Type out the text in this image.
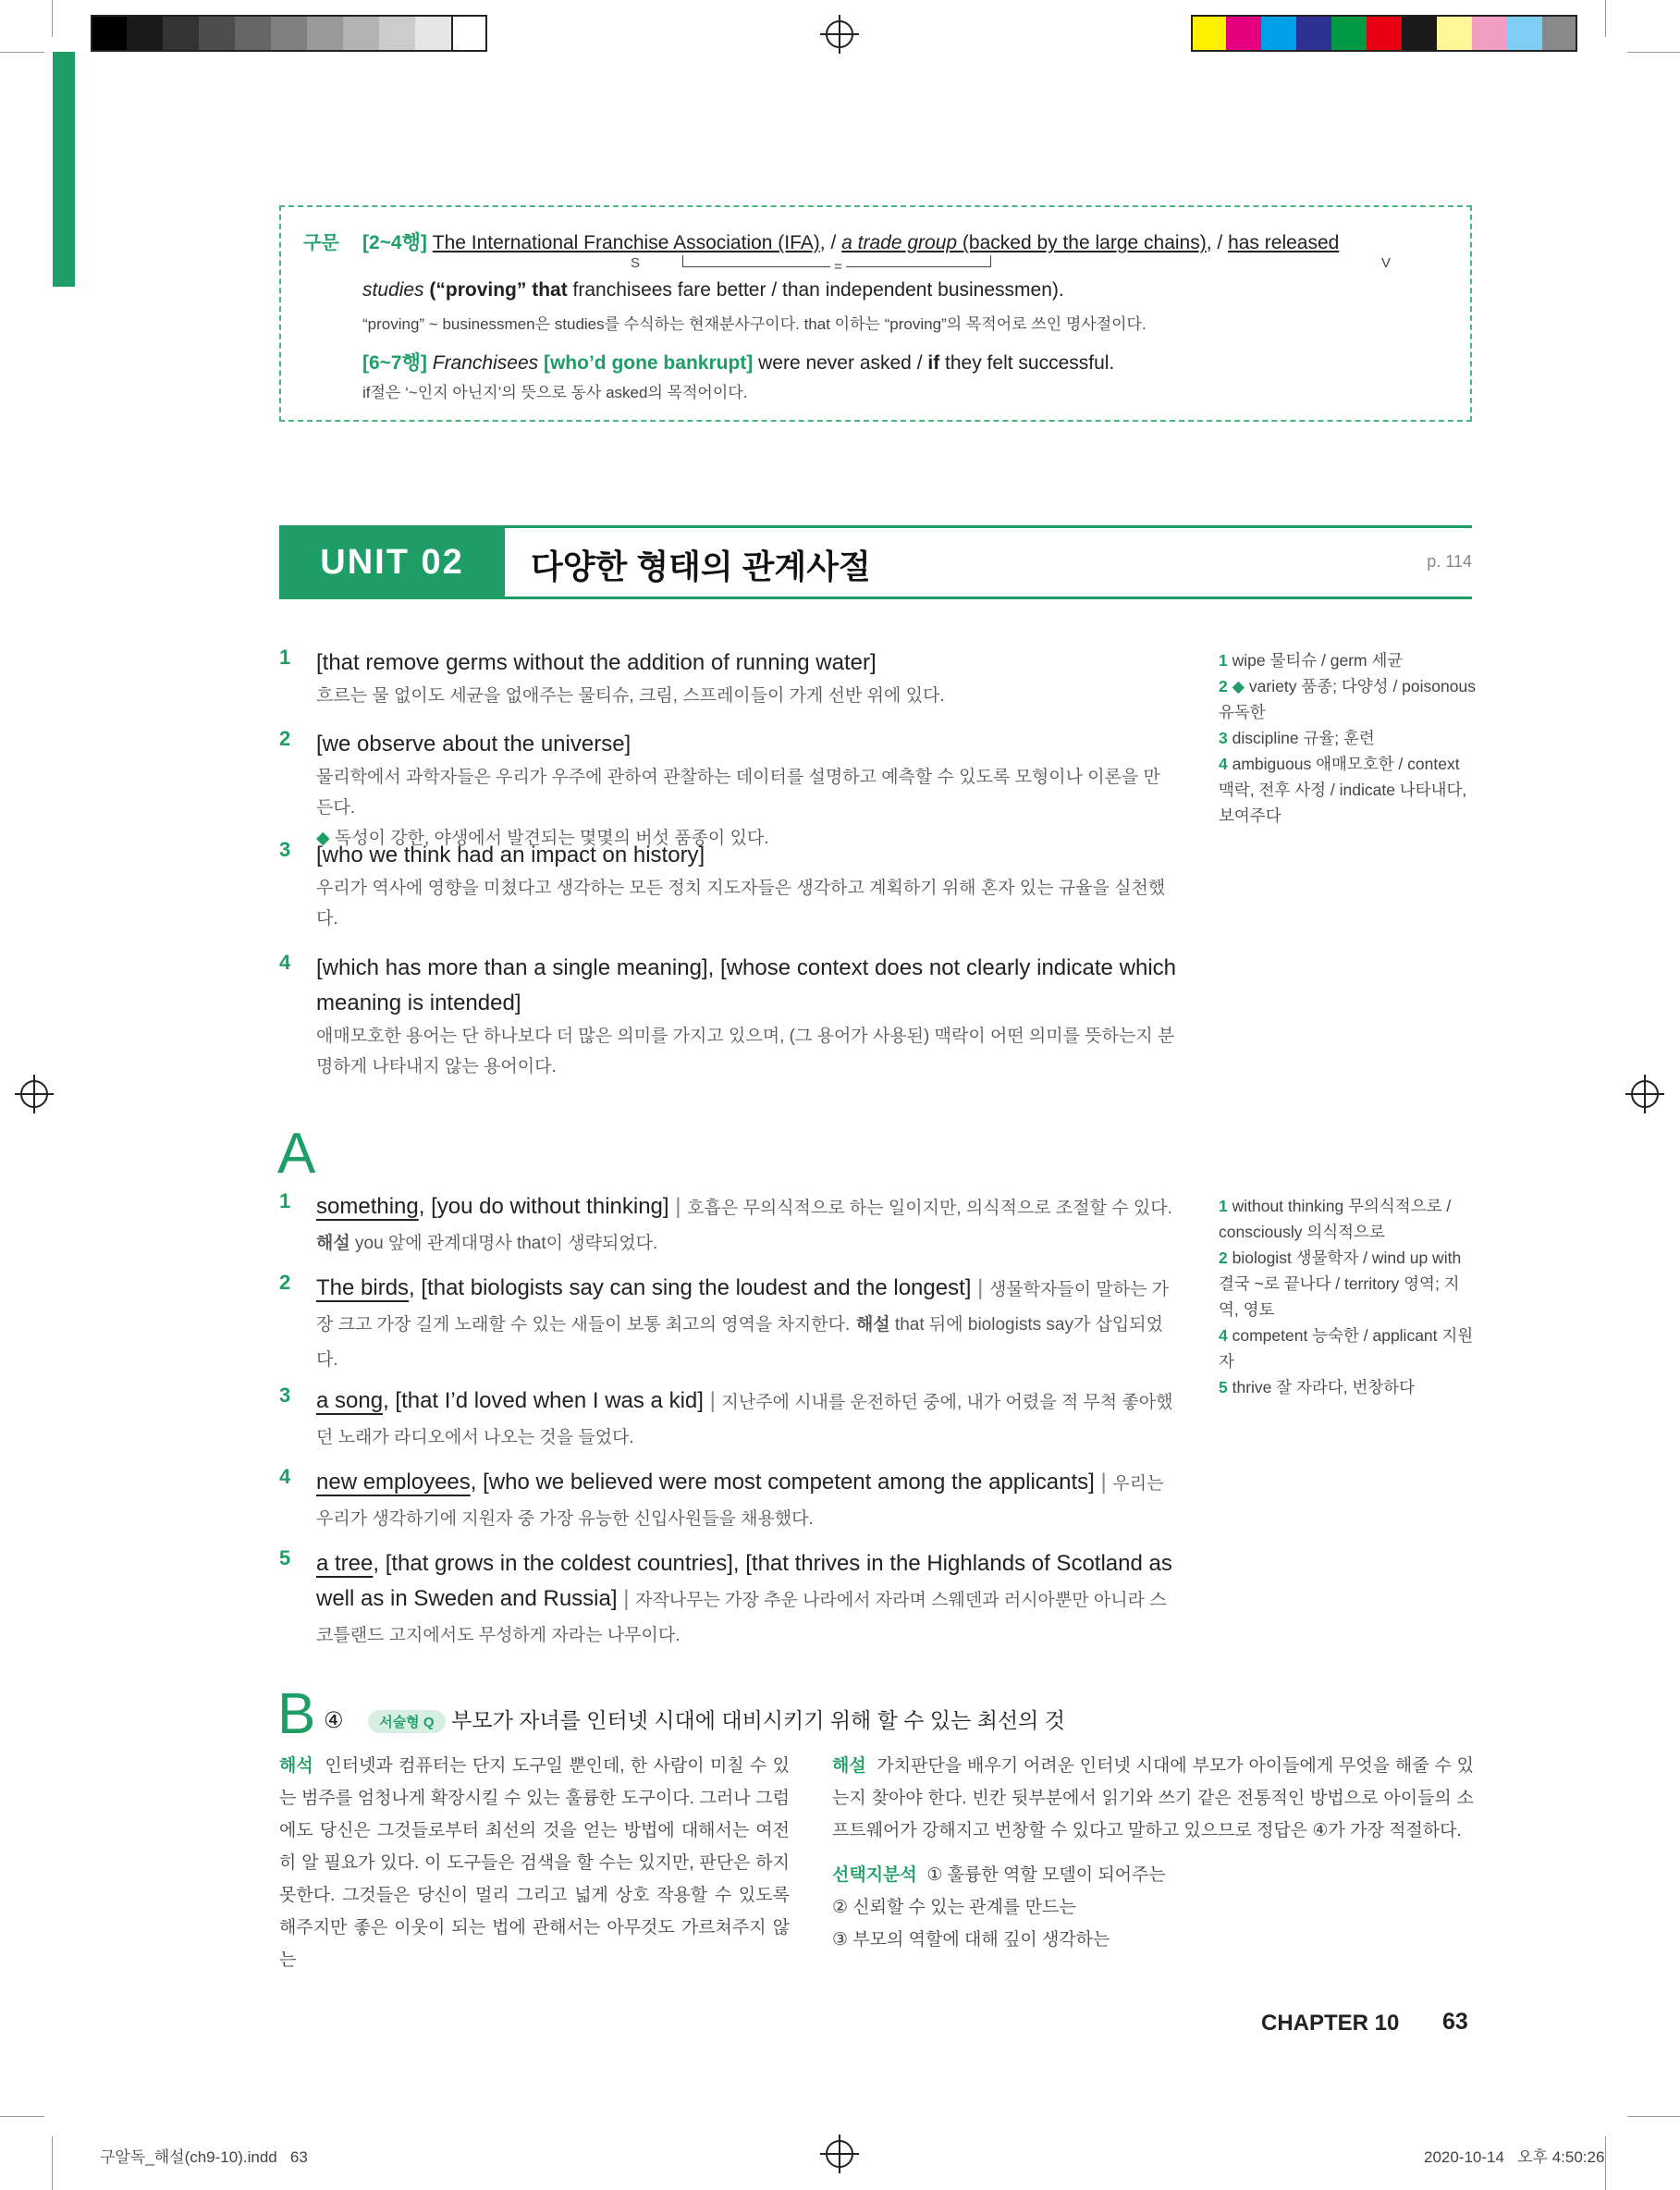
구문 [2~4행] The International Franchise Association (IFA), / a trade group (backed by the large chains), / has released
S	=	V
studies (“proving” that franchisees fare better / than independent businessmen).
“proving” ~ businessmen은 studies를 수식하는 현재분사구이다. that 이하는 “proving”의 목적어로 쓰인 명사절이다.
[6~7행] Franchisees [who’d gone bankrupt] were never asked / if they felt successful.
if절은 ‘~인지 아닌지’의 뜻으로 동사 asked의 목적어이다.
UNIT 02	다양한 형태의 관계사절	p. 114
1 [that remove germs without the addition of running water]
흐르는 물 없이도 세균을 없애주는 물티슈, 크림, 스프레이들이 가게 선반 위에 있다.
2 [we observe about the universe]
물리학에서 과학자들은 우리가 우주에 관하여 관찰하는 데이터를 설명하고 예측할 수 있도록 모형이나 이론을 만든다.
◆ 독성이 강한, 야생에서 발견되는 몇몇의 버섯 품종이 있다.
3 [who we think had an impact on history]
우리가 역사에 영향을 미쳤다고 생각하는 모든 정치 지도자들은 생각하고 계획하기 위해 혼자 있는 규율을 실천했다.
4 [which has more than a single meaning], [whose context does not clearly indicate which meaning is intended]
애매모호한 용어는 단 하나보다 더 많은 의미를 가지고 있으며, (그 용어가 사용된) 맥락이 어떤 의미를 뜻하는지 분명하게 나타내지 않는 용어이다.
1 wipe 물티슈 / germ 세균
2 ◆ variety 품종; 다양성 / poisonous 유독한
3 discipline 규율; 훈련
4 ambiguous 애매모호한 / context 맥락, 전후 사정 / indicate 나타내다, 보여주다
A
1 something, [you do without thinking] | 호흡은 무의식적으로 하는 일이지만, 의식적으로 조절할 수 있다. 해설 you 앞에 관계대명사 that이 생략되었다.
2 The birds, [that biologists say can sing the loudest and the longest] | 생물학자들이 말하는 가장 크고 가장 길게 노래할 수 있는 새들이 보통 최고의 영역을 차지한다. 해설 that 뒤에 biologists say가 삽입되었다.
3 a song, [that I’d loved when I was a kid] | 지난주에 시내를 운전하던 중에, 내가 어렸을 적 무척 좋아했던 노래가 라디오에서 나오는 것을 들었다.
4 new employees, [who we believed were most competent among the applicants] | 우리는 우리가 생각하기에 지원자 중 가장 유능한 신입사원들을 채용했다.
5 a tree, [that grows in the coldest countries], [that thrives in the Highlands of Scotland as well as in Sweden and Russia] | 자작나무는 가장 추운 나라에서 자라며 스웨덴과 러시아뿐만 아니라 스코틀랜드 고지에서도 무성하게 자라는 나무이다.
1 without thinking 무의식적으로 / consciously 의식적으로
2 biologist 생물학자 / wind up with 결국 ~로 끝나다 / territory 영역; 지역, 영토
4 competent 능숙한 / applicant 지원자
5 thrive 잘 자라다, 번창하다
B ④	서술형 Q 부모가 자녀를 인터넷 시대에 대비시키기 위해 할 수 있는 최선의 것
해석 인터넷과 컴퓨터는 단지 도구일 뿐인데, 한 사람이 미칠 수 있는 범주를 엄청나게 확장시킬 수 있는 훌륭한 도구이다. 그러나 그럼에도 당신은 그것들로부터 최선의 것을 얻는 방법에 대해서는 여전히 알 필요가 있다. 이 도구들은 검색을 할 수는 있지만, 판단은 하지 못한다. 그것들은 당신이 멀리 그리고 넓게 상호 작용할 수 있도록 해주지만 좋은 이웃이 되는 법에 관해서는 아무것도 가르쳐주지 않는
해설 가치판단을 배우기 어려운 인터넷 시대에 부모가 아이들에게 무엇을 해줄 수 있는지 찾아야 한다. 빈칸 뒷부분에서 읽기와 쓰기 같은 전통적인 방법으로 아이들의 소프트웨어가 강해지고 번창할 수 있다고 말하고 있으므로 정답은 ④가 가장 적절하다.
선택지분석 ① 훌륭한 역할 모델이 되어주는
② 신뢰할 수 있는 관계를 만드는
③ 부모의 역할에 대해 깊이 생각하는
CHAPTER 10 63
구알독_해설(ch9-10).indd   63	2020-10-14   오후 4:50:26
